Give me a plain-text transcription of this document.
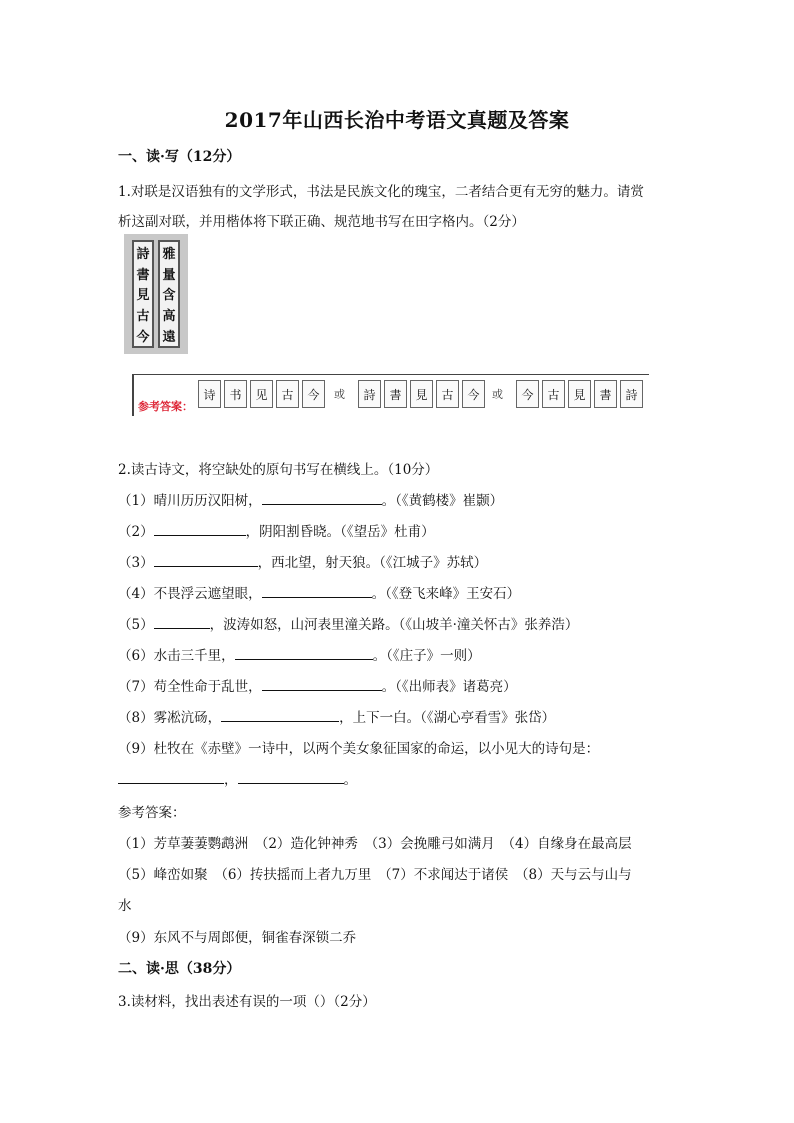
2017年山西长治中考语文真题及答案
一、读·写（12分）
1.对联是汉语独有的文学形式，书法是民族文化的瑰宝，二者结合更有无穷的魅力。请赏
析这副对联，并用楷体将下联正确、规范地书写在田字格内。（2分）
詩
書
見
古
今
雅
量
含
高
遠
参考答案：
诗	书	见	古	今	或	詩	書	見	古	今	或	今	古	見	書	詩
2.读古诗文，将空缺处的原句书写在横线上。（10分）
（1）晴川历历汉阳树，	。（《黄鹤楼》崔颢）
（2）	，阴阳割昏晓。（《望岳》杜甫）
（3）	，西北望，射天狼。（《江城子》苏轼）
（4）不畏浮云遮望眼，	。（《登飞来峰》王安石）
（5）	，波涛如怒，山河表里潼关路。（《山坡羊·潼关怀古》张养浩）
（6）水击三千里，	。（《庄子》一则）
（7）苟全性命于乱世，	。（《出师表》诸葛亮）
（8）雾凇沆砀，	，上下一白。（《湖心亭看雪》张岱）
（9）杜牧在《赤壁》一诗中，以两个美女象征国家的命运，以小见大的诗句是：
，	。
参考答案：
（1）芳草萋萋鹦鹉洲　（2）造化钟神秀　（3）会挽雕弓如满月　（4）自缘身在最高层
（5）峰峦如聚　（6）抟扶摇而上者九万里　（7）不求闻达于诸侯　（8）天与云与山与
水
（9）东风不与周郎便，铜雀春深锁二乔
二、读·思（38分）
3.读材料，找出表述有误的一项（）（2分）
